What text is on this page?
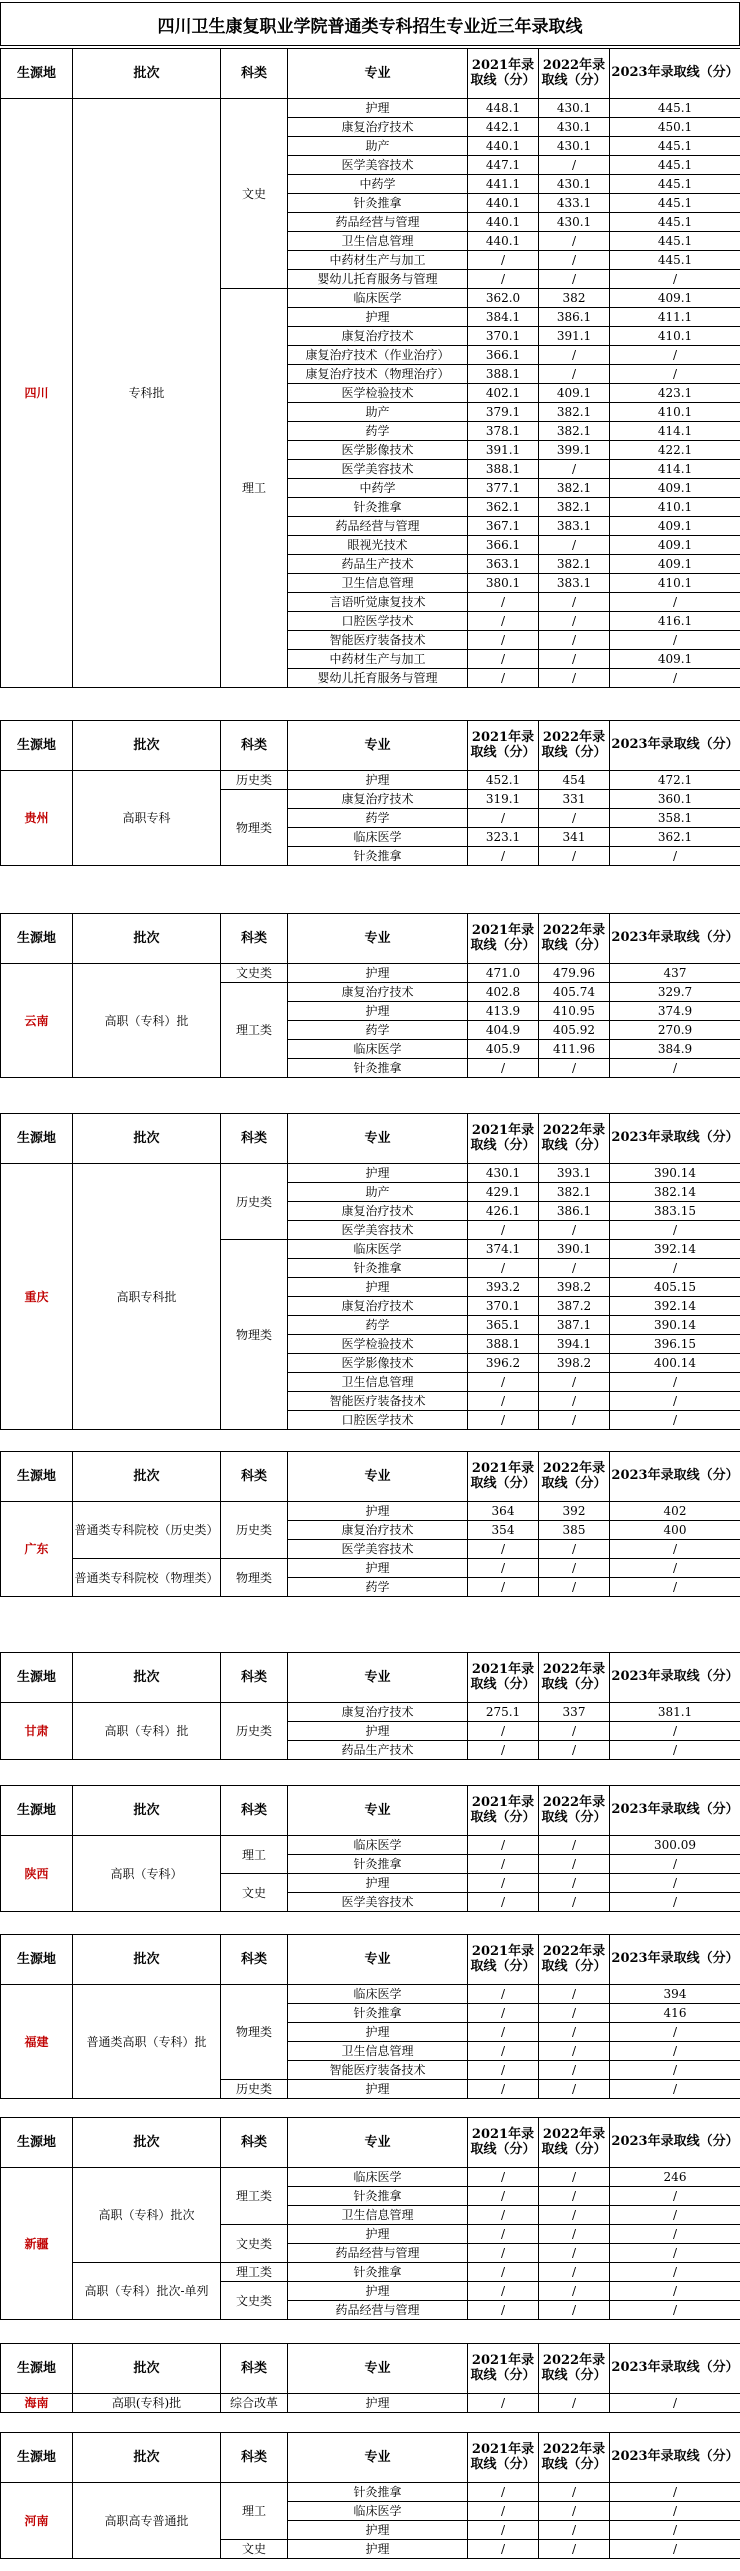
四川卫生康复职业学院普通类专科招生专业近三年录取线
生源地	批次	科类	专业	2021年录取线（分）	2022年录取线（分）	2023年录取线（分）
四川	专科批	文史	护理	448.1	430.1	445.1
			康复治疗技术	442.1	430.1	450.1
			助产	440.1	430.1	445.1
			医学美容技术	447.1	/	445.1
			中药学	441.1	430.1	445.1
			针灸推拿	440.1	433.1	445.1
			药品经营与管理	440.1	430.1	445.1
			卫生信息管理	440.1	/	445.1
			中药材生产与加工	/	/	445.1
			婴幼儿托育服务与管理	/	/	/
		理工	临床医学	362.0	382	409.1
			护理	384.1	386.1	411.1
			康复治疗技术	370.1	391.1	410.1
			康复治疗技术（作业治疗）	366.1	/	/
			康复治疗技术（物理治疗）	388.1	/	/
			医学检验技术	402.1	409.1	423.1
			助产	379.1	382.1	410.1
			药学	378.1	382.1	414.1
			医学影像技术	391.1	399.1	422.1
			医学美容技术	388.1	/	414.1
			中药学	377.1	382.1	409.1
			针灸推拿	362.1	382.1	410.1
			药品经营与管理	367.1	383.1	409.1
			眼视光技术	366.1	/	409.1
			药品生产技术	363.1	382.1	409.1
			卫生信息管理	380.1	383.1	410.1
			言语听觉康复技术	/	/	/
			口腔医学技术	/	/	416.1
			智能医疗装备技术	/	/	/
			中药材生产与加工	/	/	409.1
			婴幼儿托育服务与管理	/	/	/
生源地	批次	科类	专业	2021年录取线（分）	2022年录取线（分）	2023年录取线（分）
贵州	高职专科	历史类	护理	452.1	454	472.1
		物理类	康复治疗技术	319.1	331	360.1
			药学	/	/	358.1
			临床医学	323.1	341	362.1
			针灸推拿	/	/	/
生源地	批次	科类	专业	2021年录取线（分）	2022年录取线（分）	2023年录取线（分）
云南	高职（专科）批	文史类	护理	471.0	479.96	437
		理工类	康复治疗技术	402.8	405.74	329.7
			护理	413.9	410.95	374.9
			药学	404.9	405.92	270.9
			临床医学	405.9	411.96	384.9
			针灸推拿	/	/	/
生源地	批次	科类	专业	2021年录取线（分）	2022年录取线（分）	2023年录取线（分）
重庆	高职专科批	历史类	护理	430.1	393.1	390.14
			助产	429.1	382.1	382.14
			康复治疗技术	426.1	386.1	383.15
			医学美容技术	/	/	/
		物理类	临床医学	374.1	390.1	392.14
			针灸推拿	/	/	/
			护理	393.2	398.2	405.15
			康复治疗技术	370.1	387.2	392.14
			药学	365.1	387.1	390.14
			医学检验技术	388.1	394.1	396.15
			医学影像技术	396.2	398.2	400.14
			卫生信息管理	/	/	/
			智能医疗装备技术	/	/	/
			口腔医学技术	/	/	/
生源地	批次	科类	专业	2021年录取线（分）	2022年录取线（分）	2023年录取线（分）
广东	普通类专科院校（历史类）	历史类	护理	364	392	402
			康复治疗技术	354	385	400
			医学美容技术	/	/	/
	普通类专科院校（物理类）	物理类	护理	/	/	/
			药学	/	/	/
生源地	批次	科类	专业	2021年录取线（分）	2022年录取线（分）	2023年录取线（分）
甘肃	高职（专科）批	历史类	康复治疗技术	275.1	337	381.1
			护理	/	/	/
			药品生产技术	/	/	/
生源地	批次	科类	专业	2021年录取线（分）	2022年录取线（分）	2023年录取线（分）
陕西	高职（专科）	理工	临床医学	/	/	300.09
			针灸推拿	/	/	/
		文史	护理	/	/	/
			医学美容技术	/	/	/
生源地	批次	科类	专业	2021年录取线（分）	2022年录取线（分）	2023年录取线（分）
福建	普通类高职（专科）批	物理类	临床医学	/	/	394
			针灸推拿	/	/	416
			护理	/	/	/
			卫生信息管理	/	/	/
			智能医疗装备技术	/	/	/
		历史类	护理	/	/	/
生源地	批次	科类	专业	2021年录取线（分）	2022年录取线（分）	2023年录取线（分）
新疆	高职（专科）批次	理工类	临床医学	/	/	246
			针灸推拿	/	/	/
			卫生信息管理	/	/	/
		文史类	护理	/	/	/
			药品经营与管理	/	/	/
	高职（专科）批次-单列	理工类	针灸推拿	/	/	/
		文史类	护理	/	/	/
			药品经营与管理	/	/	/
生源地	批次	科类	专业	2021年录取线（分）	2022年录取线（分）	2023年录取线（分）
海南	高职(专科)批	综合改革	护理	/	/	/
生源地	批次	科类	专业	2021年录取线（分）	2022年录取线（分）	2023年录取线（分）
河南	高职高专普通批	理工	针灸推拿	/	/	/
			临床医学	/	/	/
			护理	/	/	/
		文史	护理	/	/	/
